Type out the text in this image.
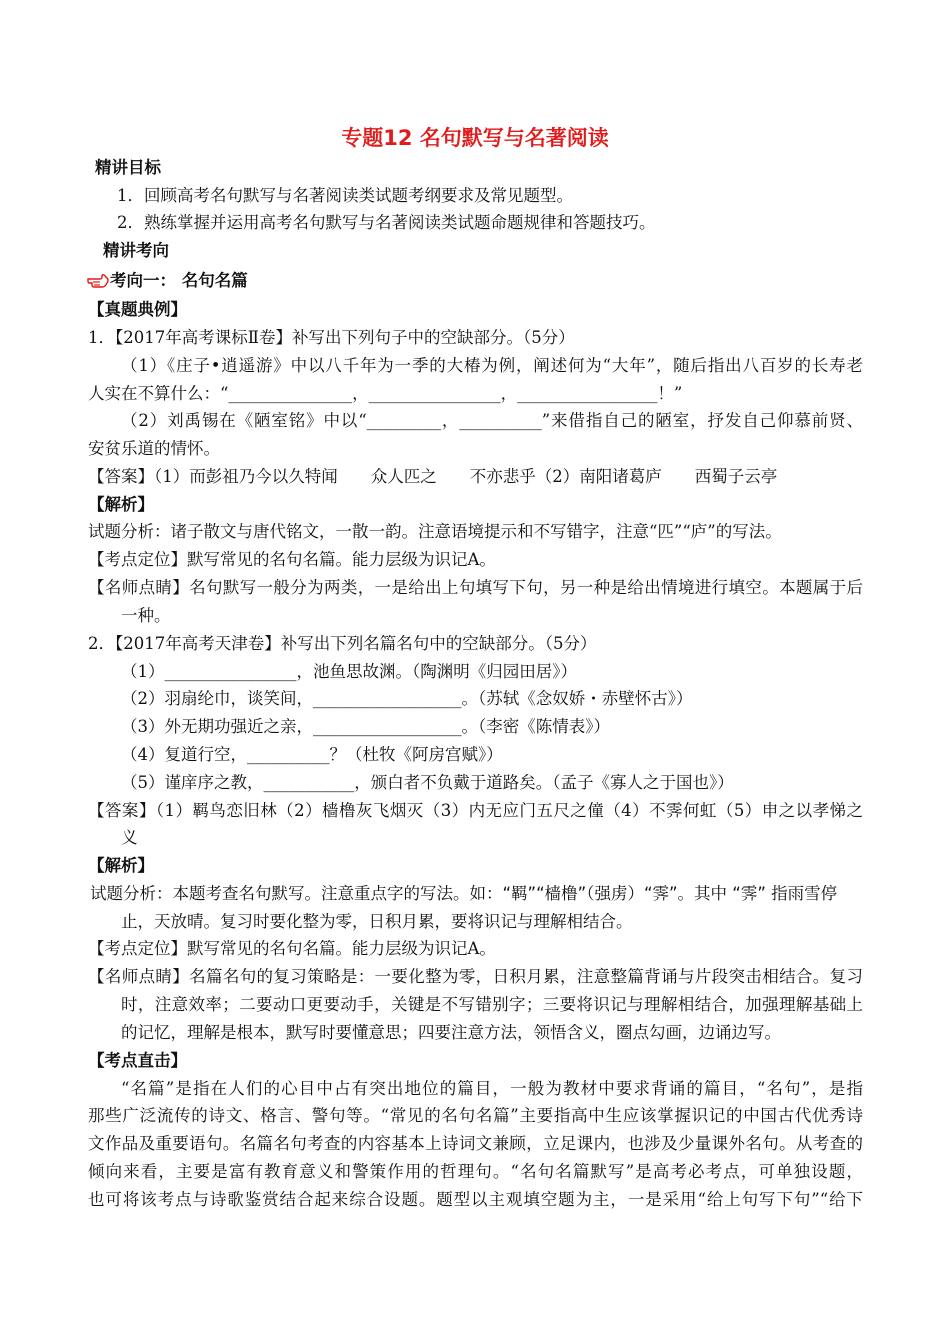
专题12 名句默写与名著阅读
精讲目标
1．回顾高考名句默写与名著阅读类试题考纲要求及常见题型。
2．熟练掌握并运用高考名句默写与名著阅读类试题命题规律和答题技巧。
精讲考向
考向一： 名句名篇
【真题典例】
1．【2017年高考课标Ⅱ卷】补写出下列句子中的空缺部分。（5分）
（1）《庄子•逍遥游》中以八千年为一季的大椿为例，阐述何为“大年”，随后指出八百岁的长寿老
人实在不算什么：“_______________，________________，_________________！”
（2）刘禹锡在《陋室铭》中以“_________，__________”来借指自己的陋室，抒发自己仰慕前贤、
安贫乐道的情怀。
【答案】（1）而彭祖乃今以久特闻　　众人匹之　　不亦悲乎（2）南阳诸葛庐　　西蜀子云亭
【解析】
试题分析：诸子散文与唐代铭文，一散一韵。注意语境提示和不写错字，注意“匹”“庐”的写法。
【考点定位】默写常见的名句名篇。能力层级为识记A。
【名师点睛】名句默写一般分为两类，一是给出上句填写下句，另一种是给出情境进行填空。本题属于后
一种。
2．【2017年高考天津卷】补写出下列名篇名句中的空缺部分。（5分）
（1）________________，池鱼思故渊。（陶渊明《归园田居》）
（2）羽扇纶巾，谈笑间，__________________。（苏轼《念奴娇・赤壁怀古》）
（3）外无期功强近之亲，__________________。（李密《陈情表》）
（4）复道行空，__________？（杜牧《阿房宫赋》）
（5）谨庠序之教，___________，颁白者不负戴于道路矣。（孟子《寡人之于国也》）
【答案】（1）羁鸟恋旧林（2）樯橹灰飞烟灭（3）内无应门五尺之僮（4）不霁何虹（5）申之以孝悌之
义
【解析】
试题分析：本题考查名句默写。注意重点字的写法。如：“羁”“樯橹”（强虏）“霁”。其中 “霁” 指雨雪停
止，天放晴。复习时要化整为零，日积月累，要将识记与理解相结合。
【考点定位】默写常见的名句名篇。能力层级为识记A。
【名师点睛】名篇名句的复习策略是：一要化整为零，日积月累，注意整篇背诵与片段突击相结合。复习
时，注意效率；二要动口更要动手，关键是不写错别字；三要将识记与理解相结合，加强理解基础上
的记忆，理解是根本，默写时要懂意思；四要注意方法，领悟含义，圈点勾画，边诵边写。
【考点直击】
“名篇”是指在人们的心目中占有突出地位的篇目，一般为教材中要求背诵的篇目，“名句”，是指
那些广泛流传的诗文、格言、警句等。“常见的名句名篇”主要指高中生应该掌握识记的中国古代优秀诗
文作品及重要语句。名篇名句考查的内容基本上诗词文兼顾，立足课内，也涉及少量课外名句。从考查的
倾向来看，主要是富有教育意义和警策作用的哲理句。“名句名篇默写”是高考必考点，可单独设题，
也可将该考点与诗歌鉴赏结合起来综合设题。题型以主观填空题为主，一是采用“给上句写下句”“给下
